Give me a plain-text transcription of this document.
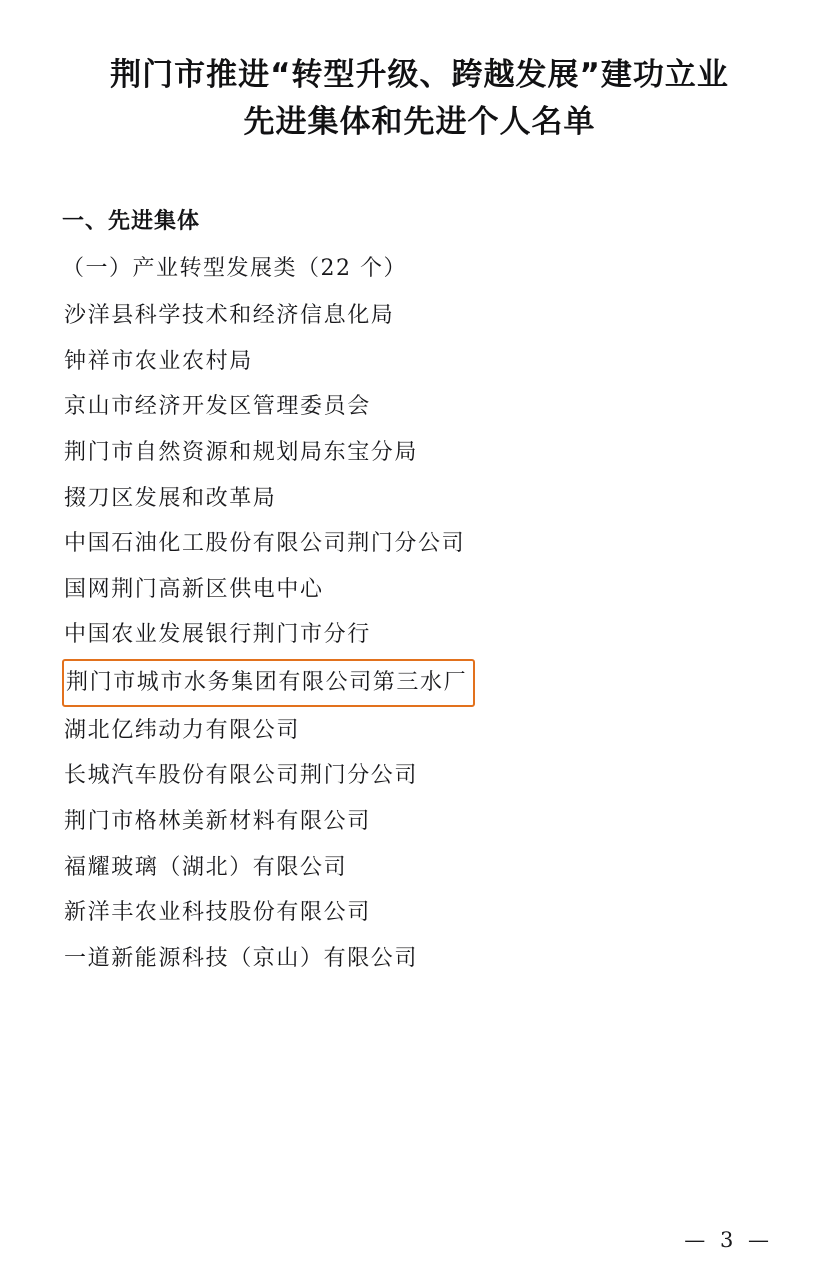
荆门市推进“转型升级、跨越发展”建功立业
先进集体和先进个人名单
一、先进集体
（一）产业转型发展类（22 个）
沙洋县科学技术和经济信息化局
钟祥市农业农村局
京山市经济开发区管理委员会
荆门市自然资源和规划局东宝分局
掇刀区发展和改革局
中国石油化工股份有限公司荆门分公司
国网荆门高新区供电中心
中国农业发展银行荆门市分行
荆门市城市水务集团有限公司第三水厂
湖北亿纬动力有限公司
长城汽车股份有限公司荆门分公司
荆门市格林美新材料有限公司
福耀玻璃（湖北）有限公司
新洋丰农业科技股份有限公司
一道新能源科技（京山）有限公司
— 3 —
